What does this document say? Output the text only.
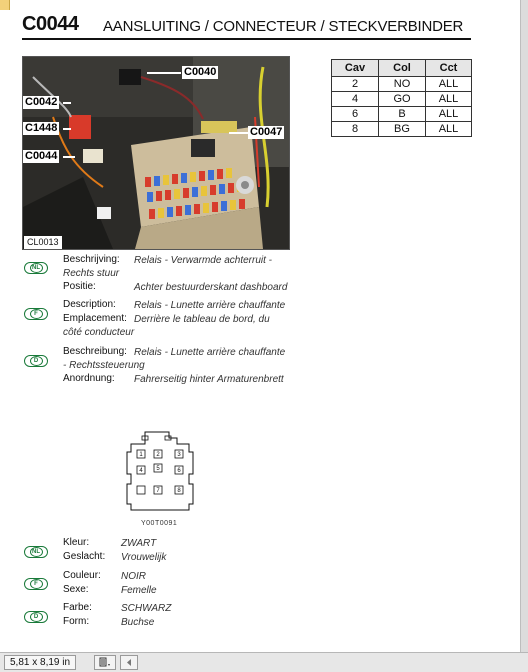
C0044 AANSLUITING / CONNECTEUR / STECKVERBINDER
C0040
C0042
C1448
C0044
C0047
CL0013
Cav	Col	Cct
2	NO	ALL
4	GO	ALL
6	B	ALL
8	BG	ALL
NL
Beschrijving:	Relais - Verwarmde achterruit - Rechts stuur
Positie:	Achter bestuurderskant dashboard
F
Description: Relais - Lunette arrière chauffante
Emplacement: Derrière le tableau de bord, du côté conducteur
D
Beschreibung: Relais - Lunette arrière chauffante - Rechtssteuerung
Anordnung: Fahrerseitig hinter Armaturenbrett
1 2	3
4 5	6
7	8
Y00T0091
NL
Kleur:	ZWART
Geslacht: Vrouwelijk
F
Couleur: NOIR
Sexe:	Femelle
D
Farbe:	SCHWARZ
Form:	Buchse
5,81 x 8,19 in
